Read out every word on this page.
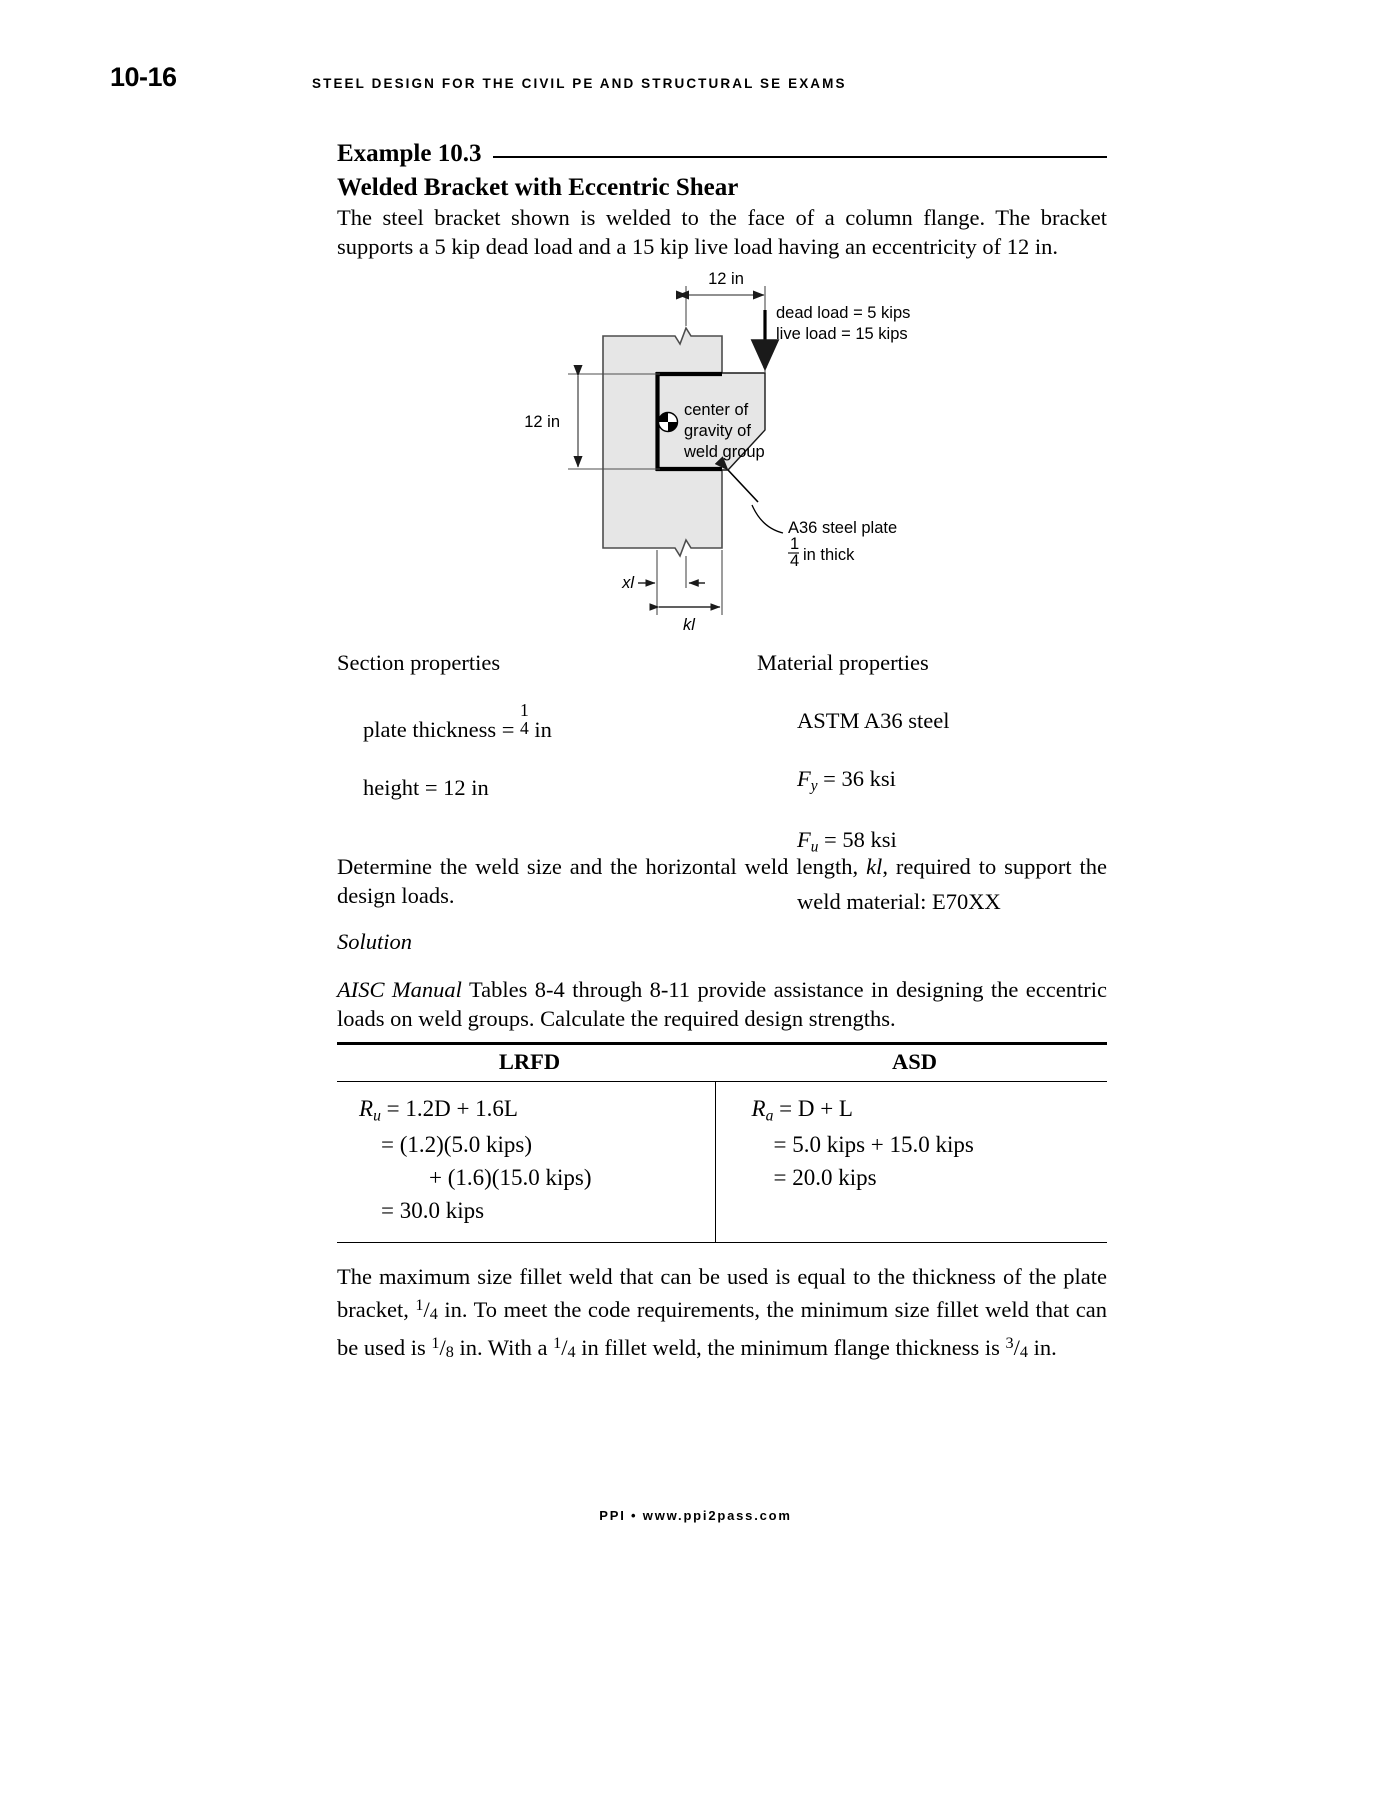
10-16	STEEL DESIGN FOR THE CIVIL PE AND STRUCTURAL SE EXAMS
Example 10.3
Welded Bracket with Eccentric Shear
The steel bracket shown is welded to the face of a column flange. The bracket supports a 5 kip dead load and a 15 kip live load having an eccentricity of 12 in.
12 in
dead load = 5 kips
live load = 15 kips
12 in
center of
gravity of
weld group
A36 steel plate
1
4 in thick
xl
kl

Section properties

plate thickness =
1
4 in

height = 12 in

Material properties

ASTM A36 steel

Fy = 36 ksi

Fu = 58 ksi

weld material: E70XX

Determine the weld size and the horizontal weld length, kl, required to support the design loads.
Solution
AISC Manual Tables 8-4 through 8-11 provide assistance in designing the eccentric loads on weld groups. Calculate the required design strengths.
LRFD	ASD

$R_u = 1.2D + 1.6L$

= (1.2)(5.0 kips)

+ (1.6)(15.0 kips)

= 30.0 kips

$R_a = D + L$

= 5.0 kips + 15.0 kips

= 20.0 kips

The maximum size fillet weld that can be used is equal to the thickness of the plate bracket, $^1/_4$ in. To meet the code requirements, the minimum size fillet weld that can be used is $^1/_8$ in. With a $^1/_4$ in fillet weld, the minimum flange thickness is $^3/_4$ in.
PPI • www.ppi2pass.com
